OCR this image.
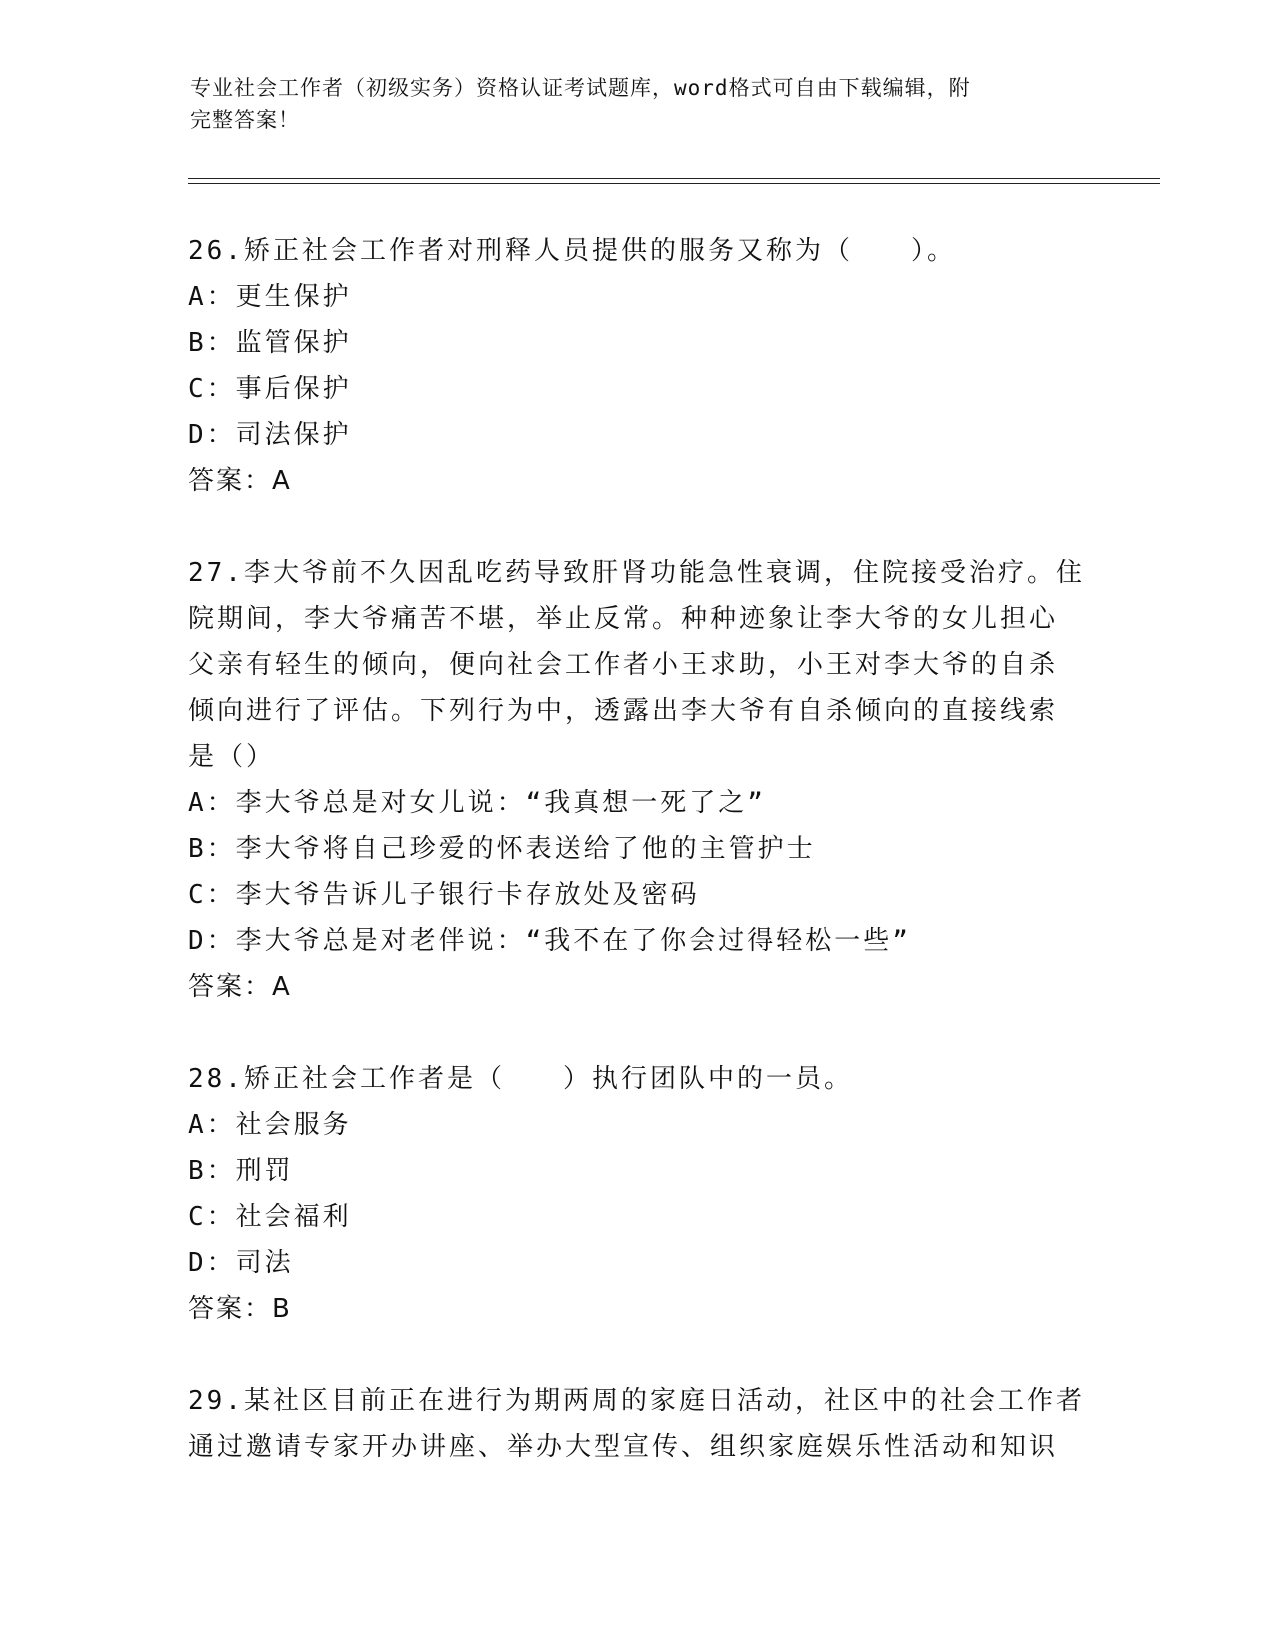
专业社会工作者（初级实务）资格认证考试题库，word格式可自由下载编辑，附
完整答案！

26.矫正社会工作者对刑释人员提供的服务又称为（　　）。

A：更生保护

B：监管保护

C：事后保护

D：司法保护

答案：A

27.李大爷前不久因乱吃药导致肝肾功能急性衰调，住院接受治疗。住

院期间，李大爷痛苦不堪，举止反常。种种迹象让李大爷的女儿担心

父亲有轻生的倾向，便向社会工作者小王求助，小王对李大爷的自杀

倾向进行了评估。下列行为中，透露出李大爷有自杀倾向的直接线索

是（）

A：李大爷总是对女儿说：“我真想一死了之”

B：李大爷将自己珍爱的怀表送给了他的主管护士

C：李大爷告诉儿子银行卡存放处及密码

D：李大爷总是对老伴说：“我不在了你会过得轻松一些”

答案：A

28.矫正社会工作者是（　　）执行团队中的一员。

A：社会服务

B：刑罚

C：社会福利

D：司法

答案：B

29.某社区目前正在进行为期两周的家庭日活动，社区中的社会工作者

通过邀请专家开办讲座、举办大型宣传、组织家庭娱乐性活动和知识
